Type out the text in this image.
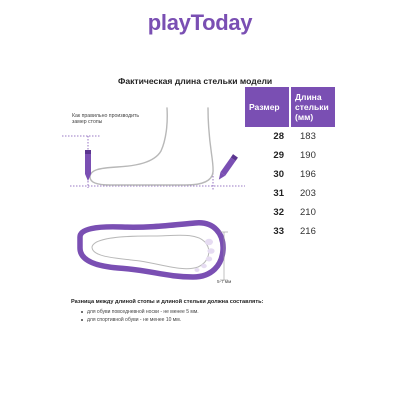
playToday
Фактическая длина стельки модели
Как правильно производить
замер стопы
5-7 мм
Размер	Длина стельки (мм)
28	183
29	190
30	196
31	203
32	210
33	216
Разница между длиной стопы и длиной стельки должна составлять:
для обуви повседневной носки - не менее 5 мм.
для спортивной обуви - не менее 10 мм.
